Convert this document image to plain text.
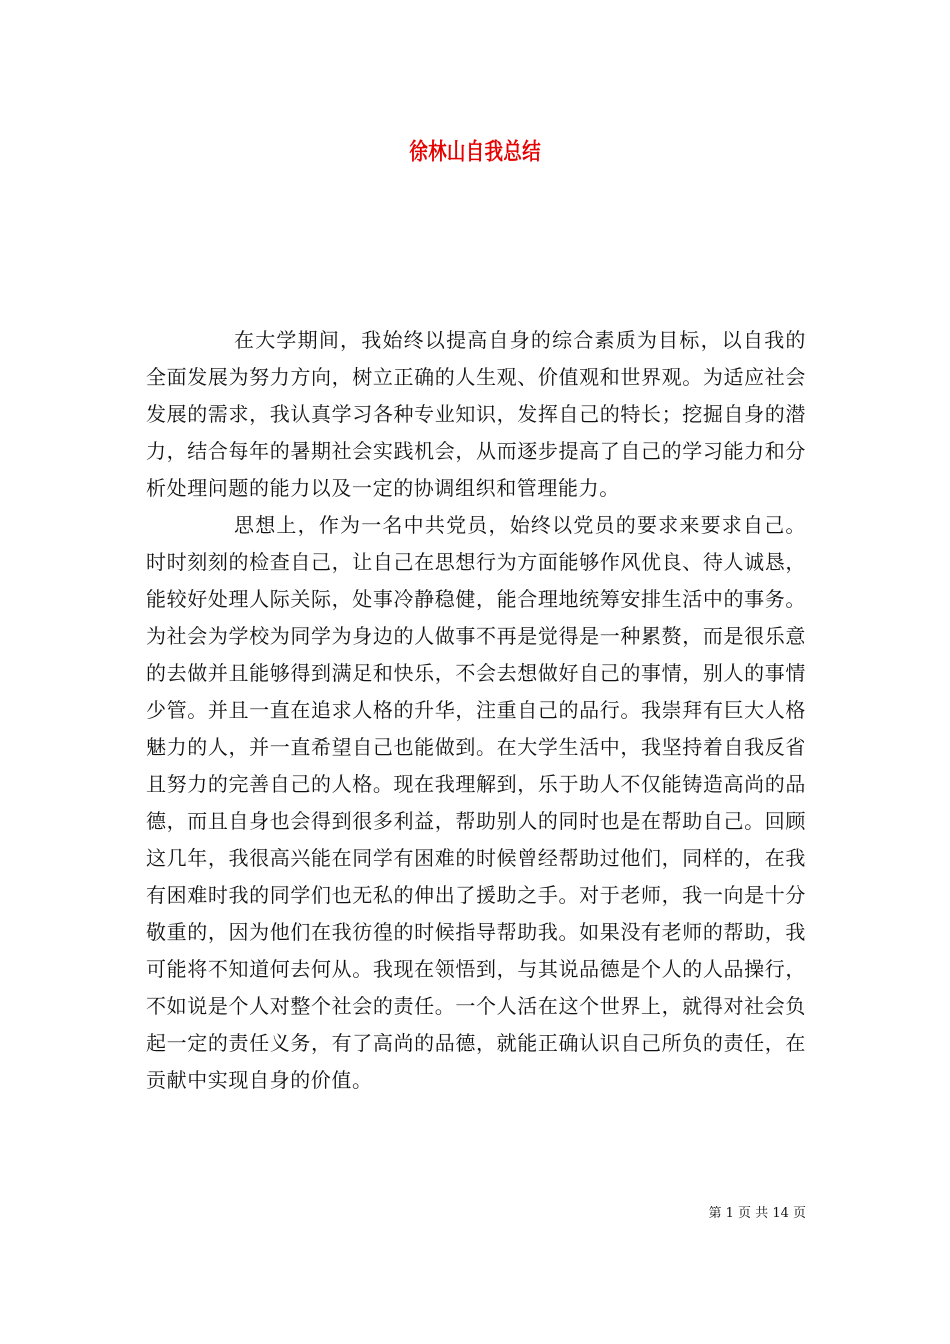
徐林山自我总结

在大学期间，我始终以提高自身的综合素质为目标，以自我的全面发展为努力方向，树立正确的人生观、价值观和世界观。为适应社会发展的需求，我认真学习各种专业知识，发挥自己的特长；挖掘自身的潜力，结合每年的暑期社会实践机会，从而逐步提高了自己的学习能力和分析处理问题的能力以及一定的协调组织和管理能力。

思想上，作为一名中共党员，始终以党员的要求来要求自己。时时刻刻的检查自己，让自己在思想行为方面能够作风优良、待人诚恳，能较好处理人际关际，处事冷静稳健，能合理地统筹安排生活中的事务。为社会为学校为同学为身边的人做事不再是觉得是一种累赘，而是很乐意的去做并且能够得到满足和快乐，不会去想做好自己的事情，别人的事情少管。并且一直在追求人格的升华，注重自己的品行。我崇拜有巨大人格魅力的人，并一直希望自己也能做到。在大学生活中，我坚持着自我反省且努力的完善自己的人格。现在我理解到，乐于助人不仅能铸造高尚的品德，而且自身也会得到很多利益，帮助别人的同时也是在帮助自己。回顾这几年，我很高兴能在同学有困难的时候曾经帮助过他们，同样的，在我有困难时我的同学们也无私的伸出了援助之手。对于老师，我一向是十分敬重的，因为他们在我彷徨的时候指导帮助我。如果没有老师的帮助，我可能将不知道何去何从。我现在领悟到，与其说品德是个人的人品操行，不如说是个人对整个社会的责任。一个人活在这个世界上，就得对社会负起一定的责任义务，有了高尚的品德，就能正确认识自己所负的责任，在贡献中实现自身的价值。

第 1 页 共 14 页
